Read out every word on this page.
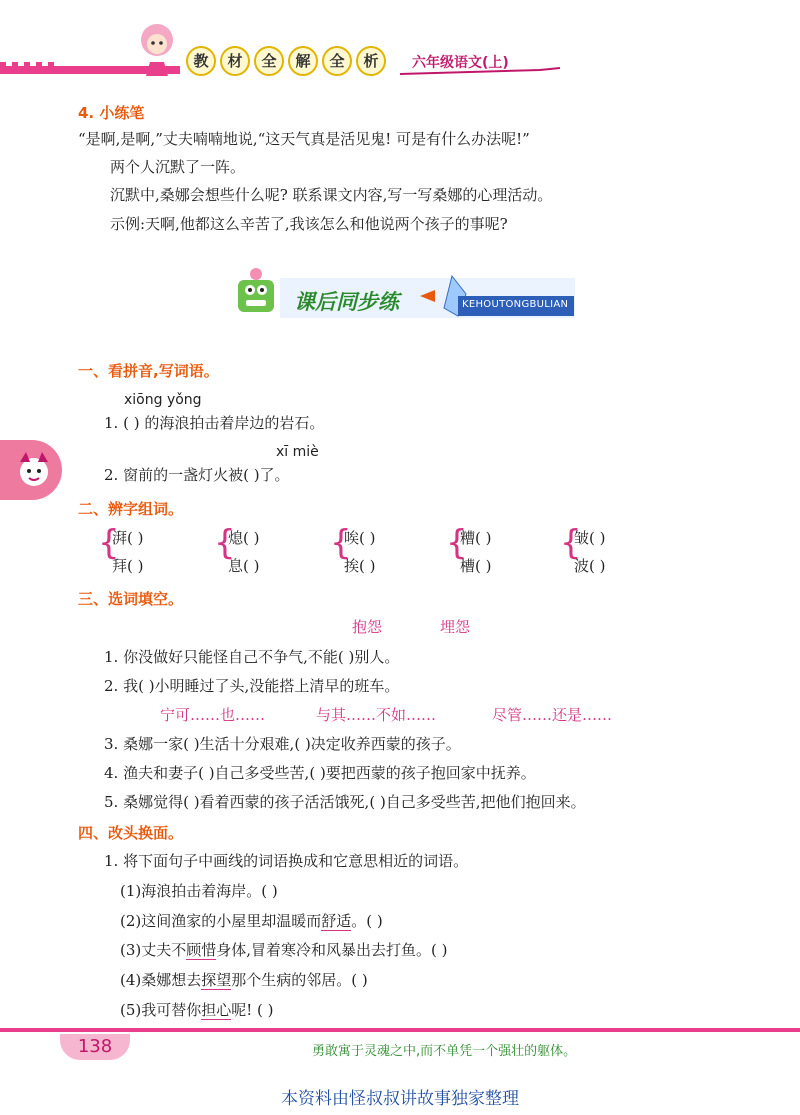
教	材	全	解	全	析	六年级语文(上)
4. 小练笔
“是啊,是啊,”丈夫喃喃地说,“这天气真是活见鬼! 可是有什么办法呢!”
两个人沉默了一阵。
沉默中,桑娜会想些什么呢? 联系课文内容,写一写桑娜的心理活动。
示例:天啊,他都这么辛苦了,我该怎么和他说两个孩子的事呢?
课后同步练	KEHOUTONGBULIAN
一、看拼音,写词语。
xiōng yǒng
1. ( ) 的海浪拍击着岸边的岩石。
xī miè
2. 窗前的一盏灯火被( )了。
二、辨字组词。
{
湃( )
拜( )
{
熄( )
息( )
{
唉( )
挨( )
{
糟( )
槽( )
{
皱( )
波( )
三、选词填空。
抱怨	埋怨
1. 你没做好只能怪自己不争气,不能( )别人。
2. 我( )小明睡过了头,没能搭上清早的班车。
宁可……也……	与其……不如……	尽管……还是……
3. 桑娜一家( )生活十分艰难,( )决定收养西蒙的孩子。
4. 渔夫和妻子( )自己多受些苦,( )要把西蒙的孩子抱回家中抚养。
5. 桑娜觉得( )看着西蒙的孩子活活饿死,( )自己多受些苦,把他们抱回来。
四、改头换面。
1. 将下面句子中画线的词语换成和它意思相近的词语。
(1)海浪拍击着海岸。( )
(2)这间渔家的小屋里却温暖而舒适。( )
(3)丈夫不顾惜身体,冒着寒冷和风暴出去打鱼。( )
(4)桑娜想去探望那个生病的邻居。( )
(5)我可替你担心呢! ( )
138	勇敢寓于灵魂之中,而不单凭一个强壮的躯体。
本资料由怪叔叔讲故事独家整理
